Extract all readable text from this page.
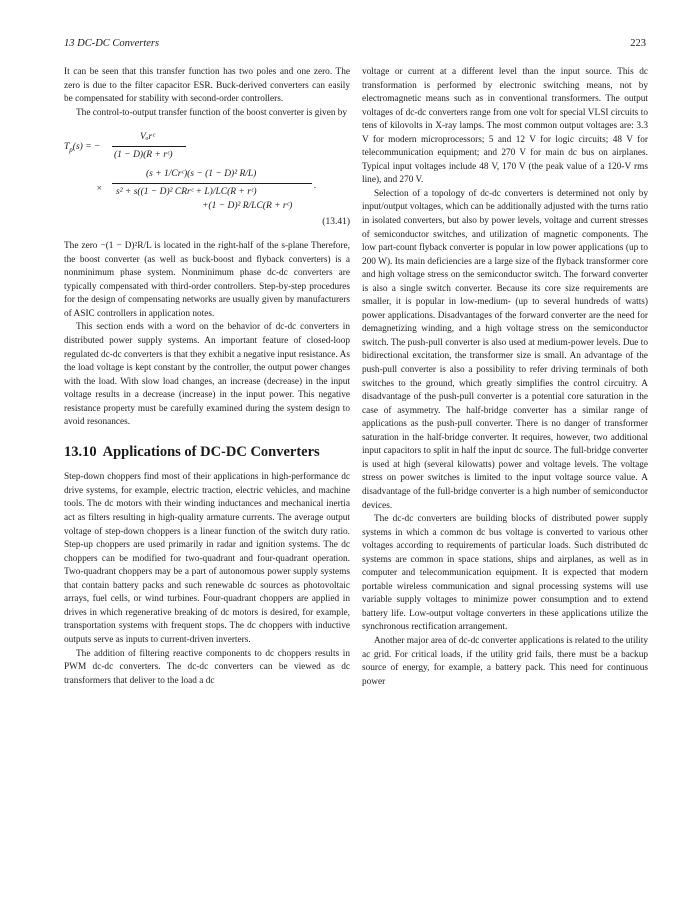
13 DC-DC Converters	223

It can be seen that this transfer function has two poles and one zero. The zero is due to the filter capacitor ESR. Buck-derived converters can easily be compensated for stability with second-order controllers.

The control-to-output transfer function of the boost converter is given by

$T_p(s)$ = −
Vₒrᶜ
(1 − D)(R + rᶜ)
×
(s + 1/Crᶜ)(s − (1 − D)² R/L)
.
s² + s((1 − D)² CRrᶜ + L)/LC(R + rᶜ)
+(1 − D)² R/LC(R + rᶜ)
(13.41)

The zero −(1 − D)²R/L is located in the right-half of the s-plane Therefore, the boost converter (as well as buck-boost and flyback converters) is a nonminimum phase system. Nonminimum phase dc-dc converters are typically compensated with third-order controllers. Step-by-step procedures for the design of compensating networks are usually given by manufacturers of ASIC controllers in application notes.

This section ends with a word on the behavior of dc-dc converters in distributed power supply systems. An important feature of closed-loop regulated dc-dc converters is that they exhibit a negative input resistance. As the load voltage is kept constant by the controller, the output power changes with the load. With slow load changes, an increase (decrease) in the input voltage results in a decrease (increase) in the input power. This negative resistance property must be carefully examined during the system design to avoid resonances.

13.10 Applications of DC-DC Converters

Step-down choppers find most of their applications in high-performance dc drive systems, for example, electric traction, electric vehicles, and machine tools. The dc motors with their winding inductances and mechanical inertia act as filters resulting in high-quality armature currents. The average output voltage of step-down choppers is a linear function of the switch duty ratio. Step-up choppers are used primarily in radar and ignition systems. The dc choppers can be modified for two-quadrant and four-quadrant operation. Two-quadrant choppers may be a part of autonomous power supply systems that contain battery packs and such renewable dc sources as photovoltaic arrays, fuel cells, or wind turbines. Four-quadrant choppers are applied in drives in which regenerative breaking of dc motors is desired, for example, transportation systems with frequent stops. The dc choppers with inductive outputs serve as inputs to current-driven inverters.

The addition of filtering reactive components to dc choppers results in PWM dc-dc converters. The dc-dc converters can be viewed as dc transformers that deliver to the load a dc

voltage or current at a different level than the input source. This dc transformation is performed by electronic switching means, not by electromagnetic means such as in conventional transformers. The output voltages of dc-dc converters range from one volt for special VLSI circuits to tens of kilovolts in X-ray lamps. The most common output voltages are: 3.3 V for modern microprocessors; 5 and 12 V for logic circuits; 48 V for telecommunication equipment; and 270 V for main dc bus on airplanes. Typical input voltages include 48 V, 170 V (the peak value of a 120-V rms line), and 270 V.

Selection of a topology of dc-dc converters is determined not only by input/output voltages, which can be additionally adjusted with the turns ratio in isolated converters, but also by power levels, voltage and current stresses of semiconductor switches, and utilization of magnetic components. The low part-count flyback converter is popular in low power applications (up to 200 W). Its main deficiencies are a large size of the flyback transformer core and high voltage stress on the semiconductor switch. The forward converter is also a single switch converter. Because its core size requirements are smaller, it is popular in low-medium- (up to several hundreds of watts) power applications. Disadvantages of the forward converter are the need for demagnetizing winding, and a high voltage stress on the semiconductor switch. The push-pull converter is also used at medium-power levels. Due to bidirectional excitation, the transformer size is small. An advantage of the push-pull converter is also a possibility to refer driving terminals of both switches to the ground, which greatly simplifies the control circuitry. A disadvantage of the push-pull converter is a potential core saturation in the case of asymmetry. The half-bridge converter has a similar range of applications as the push-pull converter. There is no danger of transformer saturation in the half-bridge converter. It requires, however, two additional input capacitors to split in half the input dc source. The full-bridge converter is used at high (several kilowatts) power and voltage levels. The voltage stress on power switches is limited to the input voltage source value. A disadvantage of the full-bridge converter is a high number of semiconductor devices.

The dc-dc converters are building blocks of distributed power supply systems in which a common dc bus voltage is converted to various other voltages according to requirements of particular loads. Such distributed dc systems are common in space stations, ships and airplanes, as well as in computer and telecommunication equipment. It is expected that modern portable wireless communication and signal processing systems will use variable supply voltages to minimize power consumption and to extend battery life. Low-output voltage converters in these applications utilize the synchronous rectification arrangement.

Another major area of dc-dc converter applications is related to the utility ac grid. For critical loads, if the utility grid fails, there must be a backup source of energy, for example, a battery pack. This need for continuous power
